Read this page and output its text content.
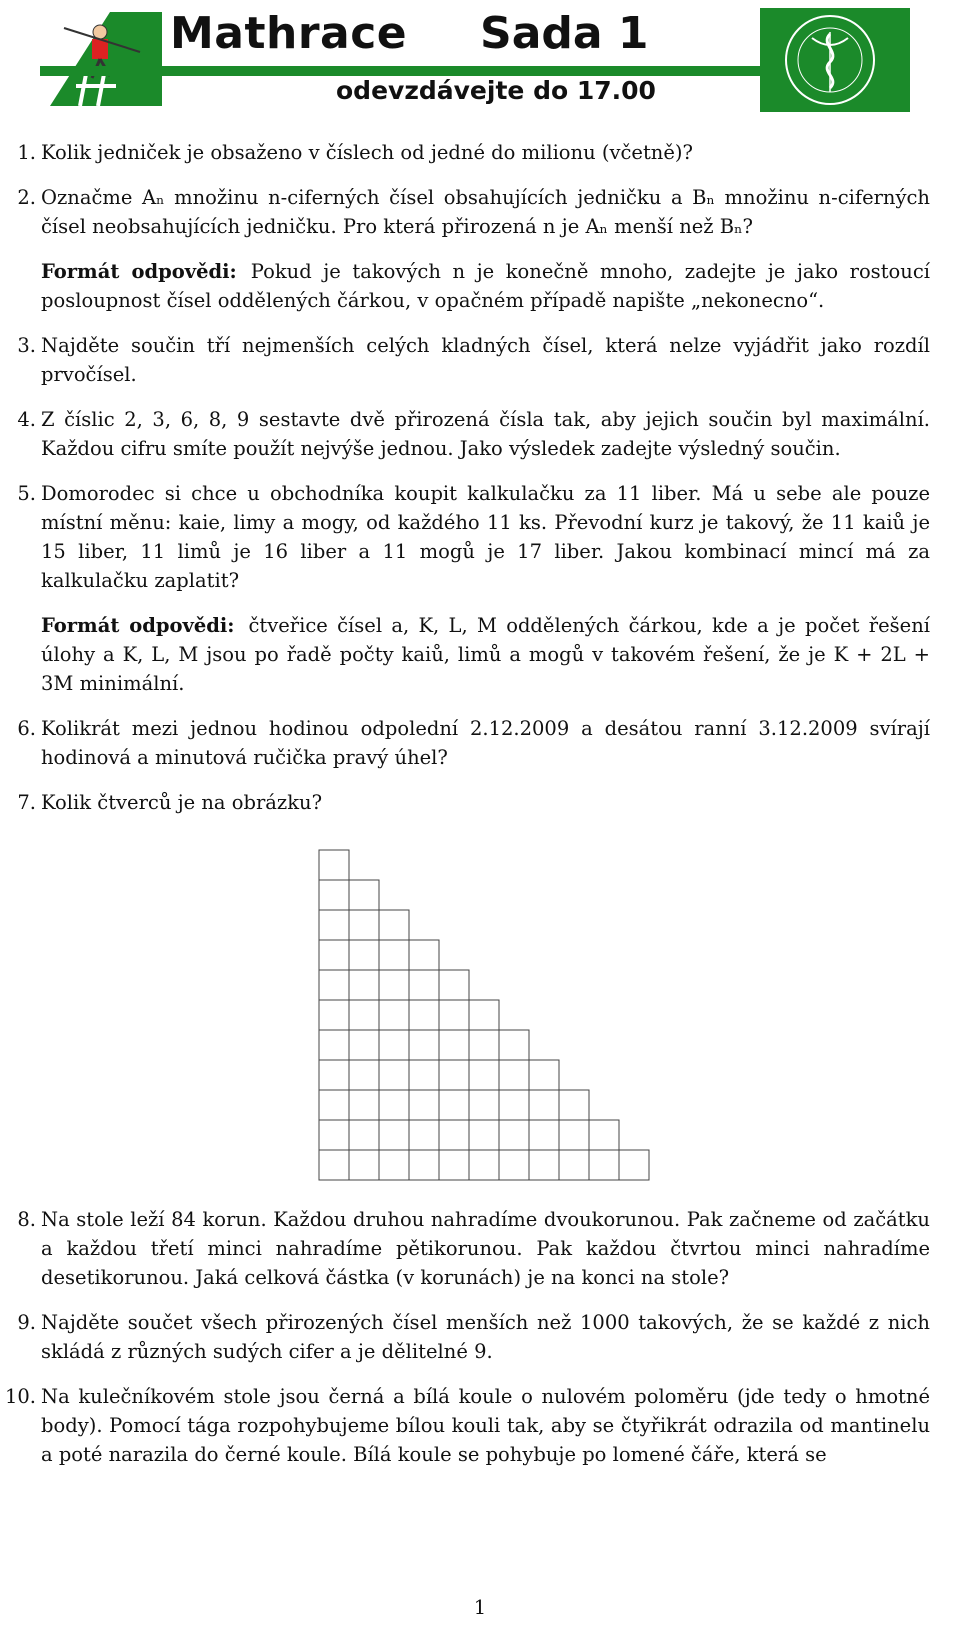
Mathrace Sada 1
odevzdávejte do 17.00
1. Kolik jedniček je obsaženo v číslech od jedné do milionu (včetně)?
2. Označme Aₙ množinu n-ciferných čísel obsahujících jedničku a Bₙ množinu n-ciferných čísel neobsahujících jedničku. Pro která přirozená n je Aₙ menší než Bₙ?
Formát odpovědi: Pokud je takových n je konečně mnoho, zadejte je jako rostoucí posloupnost čísel oddělených čárkou, v opačném případě napište „nekonecno“.
3. Najděte součin tří nejmenších celých kladných čísel, která nelze vyjádřit jako rozdíl prvočísel.
4. Z číslic 2, 3, 6, 8, 9 sestavte dvě přirozená čísla tak, aby jejich součin byl maximální. Každou cifru smíte použít nejvýše jednou. Jako výsledek zadejte výsledný součin.
5. Domorodec si chce u obchodníka koupit kalkulačku za 11 liber. Má u sebe ale pouze místní měnu: kaie, limy a mogy, od každého 11 ks. Převodní kurz je takový, že 11 kaiů je 15 liber, 11 limů je 16 liber a 11 mogů je 17 liber. Jakou kombinací mincí má za kalkulačku zaplatit?
Formát odpovědi: čtveřice čísel a, K, L, M oddělených čárkou, kde a je počet řešení úlohy a K, L, M jsou po řadě počty kaiů, limů a mogů v takovém řešení, že je K + 2L + 3M minimální.
6. Kolikrát mezi jednou hodinou odpolední 2.12.2009 a desátou ranní 3.12.2009 svírají hodinová a minutová ručička pravý úhel?
7. Kolik čtverců je na obrázku?
8. Na stole leží 84 korun. Každou druhou nahradíme dvoukorunou. Pak začneme od začátku a každou třetí minci nahradíme pětikorunou. Pak každou čtvrtou minci nahradíme desetikorunou. Jaká celková částka (v korunách) je na konci na stole?
9. Najděte součet všech přirozených čísel menších než 1000 takových, že se každé z nich skládá z různých sudých cifer a je dělitelné 9.
10. Na kulečníkovém stole jsou černá a bílá koule o nulovém poloměru (jde tedy o hmotné body). Pomocí tága rozpohybujeme bílou kouli tak, aby se čtyřikrát odrazila od mantinelu a poté narazila do černé koule. Bílá koule se pohybuje po lomené čáře, která se
1
